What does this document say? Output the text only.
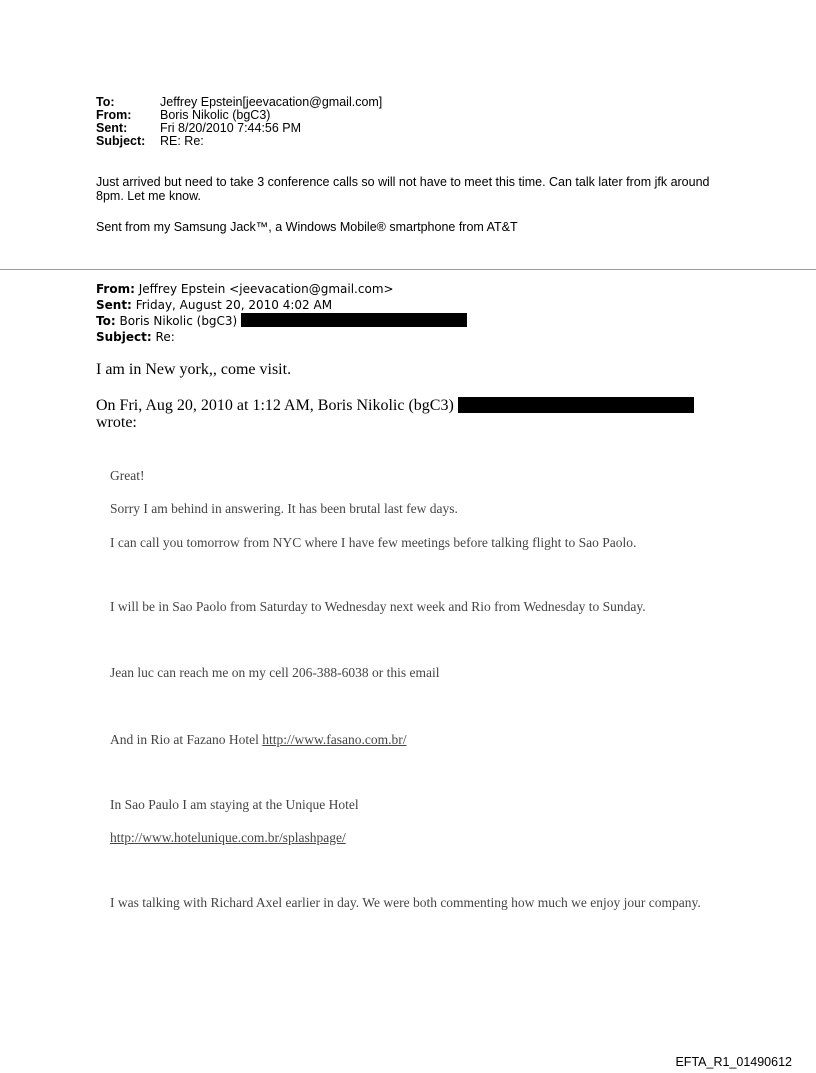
To:	Jeffrey Epstein[jeevacation@gmail.com]
From:	Boris Nikolic (bgC3)
Sent:	Fri 8/20/2010 7:44:56 PM
Subject:	RE: Re:
Just arrived but need to take 3 conference calls so will not have to meet this time. Can talk later from jfk around 8pm. Let me know.
Sent from my Samsung Jack™, a Windows Mobile® smartphone from AT&T
From: Jeffrey Epstein <jeevacation@gmail.com>
Sent: Friday, August 20, 2010 4:02 AM
To: Boris Nikolic (bgC3)
Subject: Re:
I am in New york,, come visit.
On Fri, Aug 20, 2010 at 1:12 AM, Boris Nikolic (bgC3)
wrote:
Great!
Sorry I am behind in answering. It has been brutal last few days.
I can call you tomorrow from NYC where I have few meetings before talking flight to Sao Paolo.
I will be in Sao Paolo from Saturday to Wednesday next week and Rio from Wednesday to Sunday.
Jean luc can reach me on my cell 206-388-6038 or this email
And in Rio at Fazano Hotel http://www.fasano.com.br/
In Sao Paulo I am staying at the Unique Hotel
http://www.hotelunique.com.br/splashpage/
I was talking with Richard Axel earlier in day. We were both commenting how much we enjoy jour company.
EFTA_R1_01490612
